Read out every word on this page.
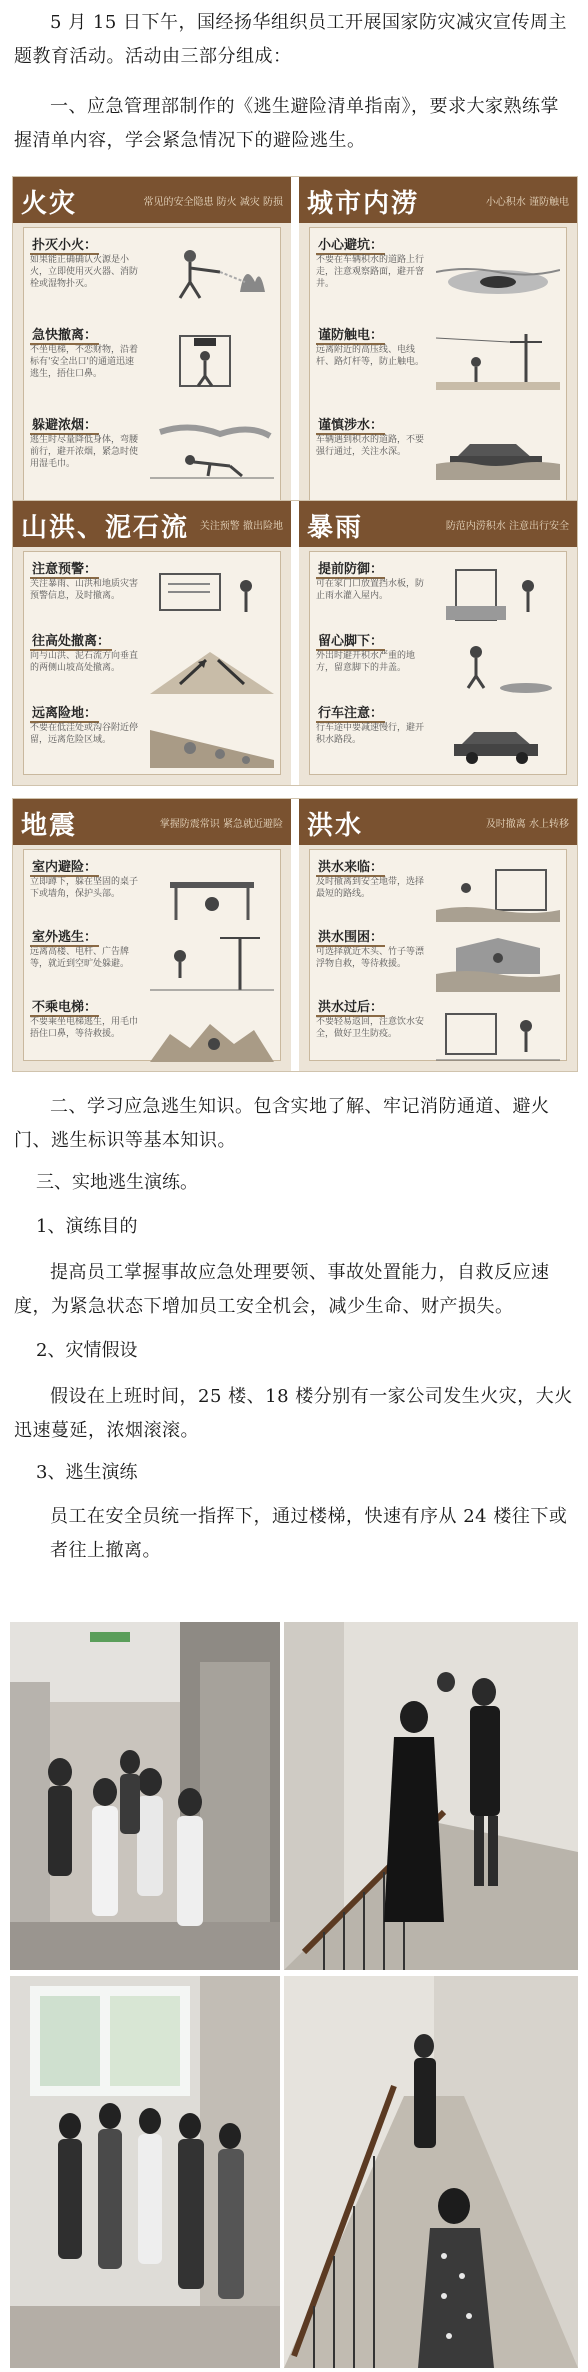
5 月 15 日下午，国经扬华组织员工开展国家防灾减灾宣传周主题教育活动。活动由三部分组成：
一、应急管理部制作的《逃生避险清单指南》，要求大家熟练掌握清单内容，学会紧急情况下的避险逃生。
火灾	常见的安全隐患 防火 减灾 防损
扑灭小火：
如果能正确确认火源是小火，立即使用灭火器、消防栓或湿物扑灭。
急快撤离：
不坐电梯，不恋财物，沿着标有'安全出口'的通道迅速逃生，捂住口鼻。
躲避浓烟：
逃生时尽量降低身体，弯腰前行，避开浓烟，紧急时使用湿毛巾。
城市内涝	小心积水 谨防触电
小心避坑：
不要在车辆积水的道路上行走，注意观察路面，避开窨井。
谨防触电：
远离附近的高压线、电线杆、路灯杆等，防止触电。
谨慎涉水：
车辆遇到积水的道路，不要强行通过，关注水深。
山洪、泥石流 关注预警 撤出险地
注意预警：
关注暴雨、山洪和地质灾害预警信息，及时撤离。
往高处撤离：
向与山洪、泥石流方向垂直的两侧山坡高处撤离。
远离险地：
不要在低洼处或沟谷附近停留，远离危险区域。
暴雨	防范内涝积水 注意出行安全
提前防御：
可在家门口放置挡水板，防止雨水灌入屋内。
留心脚下：
外出时避开积水严重的地方，留意脚下的井盖。
行车注意：
行车途中要减速慢行，避开积水路段。
地震	掌握防震常识 紧急就近避险
室内避险：
立即蹲下，躲在坚固的桌子下或墙角，保护头部。
室外逃生：
远离高楼、电杆、广告牌等，就近到空旷处躲避。
不乘电梯：
不要乘坐电梯逃生，用毛巾捂住口鼻，等待救援。
洪水	及时撤离 水上转移
洪水来临：
及时撤离到安全地带，选择最短的路线。
洪水围困：
可选择就近木头、竹子等漂浮物自救，等待救援。
洪水过后：
不要轻易返回，注意饮水安全，做好卫生防疫。
二、学习应急逃生知识。包含实地了解、牢记消防通道、避火门、逃生标识等基本知识。
三、实地逃生演练。
1、演练目的
提高员工掌握事故应急处理要领、事故处置能力，自救反应速度，为紧急状态下增加员工安全机会，减少生命、财产损失。
2、灾情假设
假设在上班时间，25 楼、18 楼分别有一家公司发生火灾，大火迅速蔓延，浓烟滚滚。
3、逃生演练
员工在安全员统一指挥下，通过楼梯，快速有序从 24 楼往下或者往上撤离。
